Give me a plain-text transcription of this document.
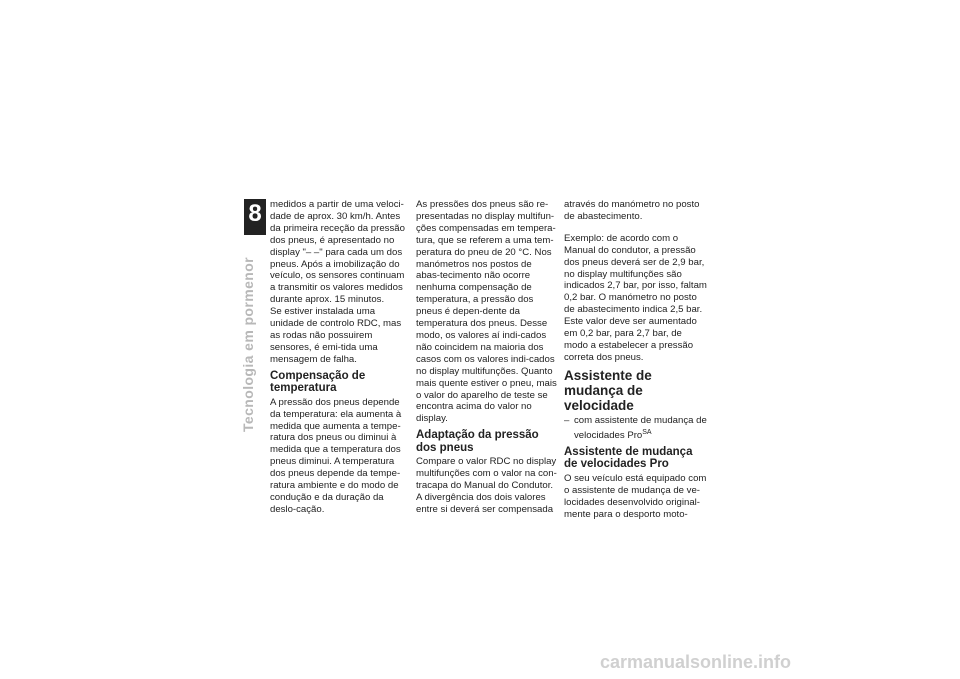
8
160
Tecnologia em pormenor

medidos a partir de uma veloci-dade de aprox. 30 km/h. Antes da primeira receção da pressão dos pneus, é apresentado no display "– –" para cada um dos pneus. Após a imobilização do veículo, os sensores continuam a transmitir os valores medidos durante aprox. 15 minutos.

Se estiver instalada uma unidade de controlo RDC, mas as rodas não possuirem sensores, é emi-tida uma mensagem de falha.

Compensação de temperatura

A pressão dos pneus depende da temperatura: ela aumenta à medida que aumenta a tempe-ratura dos pneus ou diminui à medida que a temperatura dos pneus diminui. A temperatura dos pneus depende da tempe-ratura ambiente e do modo de condução e da duração da deslo-cação.

As pressões dos pneus são re-presentadas no display multifun-ções compensadas em tempera-tura, que se referem a uma tem-peratura do pneu de 20 °C. Nos manómetros nos postos de abas-tecimento não ocorre nenhuma compensação de temperatura, a pressão dos pneus é depen-dente da temperatura dos pneus. Desse modo, os valores aí indi-cados não coincidem na maioria dos casos com os valores indi-cados no display multifunções. Quanto mais quente estiver o pneu, mais o valor do aparelho de teste se encontra acima do valor no display.

Adaptação da pressão dos pneus

Compare o valor RDC no display multifunções com o valor na con-tracapa do Manual do Condutor. A divergência dos dois valores entre si deverá ser compensada

através do manómetro no posto de abastecimento.

Exemplo: de acordo com o Manual do condutor, a pressão dos pneus deverá ser de 2,9 bar, no display multifunções são indicados 2,7 bar, por isso, faltam 0,2 bar. O manómetro no posto de abastecimento indica 2,5 bar. Este valor deve ser aumentado em 0,2 bar, para 2,7 bar, de modo a estabelecer a pressão correta dos pneus.

Assistente de mudança de velocidade
– com assistente de mudança de velocidades Pro$^{SA}$
Assistente de mudança de velocidades Pro

O seu veículo está equipado com o assistente de mudança de ve-locidades desenvolvido original-mente para o desporto moto-

carmanualsonline.info
